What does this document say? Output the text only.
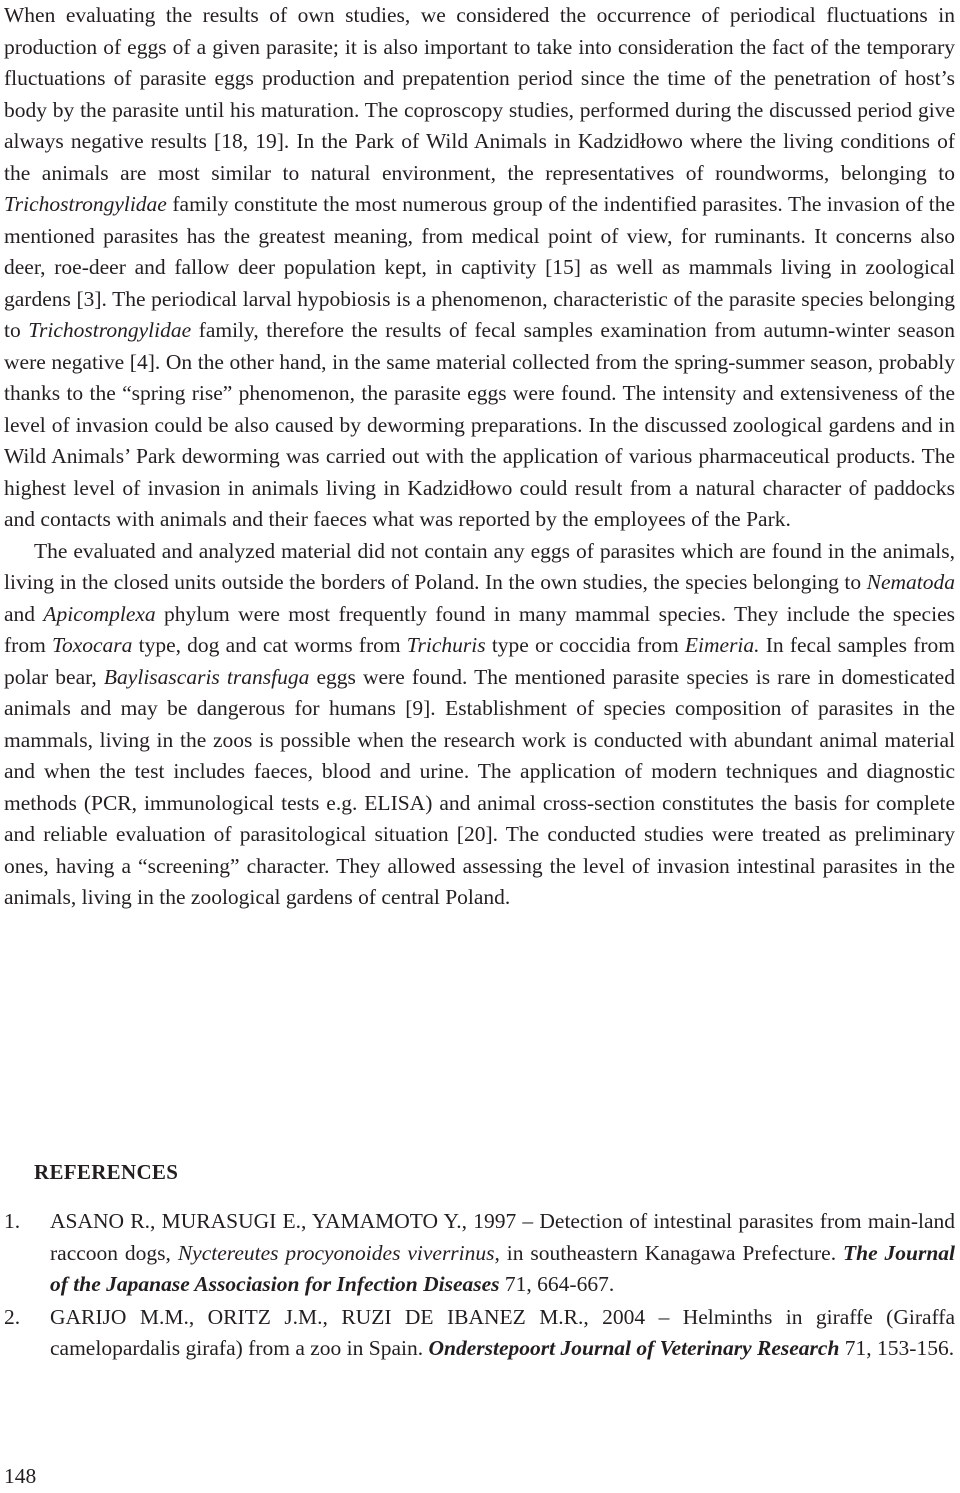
When evaluating the results of own studies, we considered the occurrence of periodical fluctuations in production of eggs of a given parasite; it is also important to take into consideration the fact of the temporary fluctuations of parasite eggs production and prepatention period since the time of the penetration of host’s body by the parasite until his maturation. The coproscopy studies, performed during the discussed period give always negative results [18, 19]. In the Park of Wild Animals in Kadzidłowo where the living conditions of the animals are most similar to natural environment, the representatives of roundworms, belonging to Trichostrongylidae family constitute the most numerous group of the indentified parasites. The invasion of the mentioned parasites has the greatest meaning, from medical point of view, for ruminants. It concerns also deer, roe-deer and fallow deer population kept, in captivity [15] as well as mammals living in zoological gardens [3]. The periodical larval hypobiosis is a phenomenon, characteristic of the parasite species belonging to Trichostrongylidae family, therefore the results of fecal samples examination from autumn-winter season were negative [4]. On the other hand, in the same material collected from the spring-summer season, probably thanks to the “spring rise” phenomenon, the parasite eggs were found. The intensity and extensiveness of the level of invasion could be also caused by deworming preparations. In the discussed zoological gardens and in Wild Animals’ Park deworming was carried out with the application of various pharmaceutical products. The highest level of invasion in animals living in Kadzidłowo could result from a natural character of paddocks and contacts with animals and their faeces what was reported by the employees of the Park.

The evaluated and analyzed material did not contain any eggs of parasites which are found in the animals, living in the closed units outside the borders of Poland. In the own studies, the species belonging to Nematoda and Apicomplexa phylum were most frequently found in many mammal species. They include the species from Toxocara type, dog and cat worms from Trichuris type or coccidia from Eimeria. In fecal samples from polar bear, Baylisascaris transfuga eggs were found. The mentioned parasite species is rare in domesticated animals and may be dangerous for humans [9]. Establishment of species composition of parasites in the mammals, living in the zoos is possible when the research work is conducted with abundant animal material and when the test includes faeces, blood and urine. The application of modern techniques and diagnostic methods (PCR, immunological tests e.g. ELISA) and animal cross-section constitutes the basis for complete and reliable evaluation of parasitological situation [20]. The conducted studies were treated as preliminary ones, having a “screening” character. They allowed assessing the level of invasion intestinal parasites in the animals, living in the zoological gardens of central Poland.

REFERENCES
1. ASANO R., MURASUGI E., YAMAMOTO Y., 1997 – Detection of intestinal parasites from main-land raccoon dogs, Nyctereutes procyonoides viverrinus, in southeastern Kanagawa Prefecture. The Journal of the Japanase Associasion for Infection Diseases 71, 664-667.
2. GARIJO M.M., ORITZ J.M., RUZI DE IBANEZ M.R., 2004 – Helminths in giraffe (Giraffa camelopardalis girafa) from a zoo in Spain. Onderstepoort Journal of Veterinary Research 71, 153-156.
148
